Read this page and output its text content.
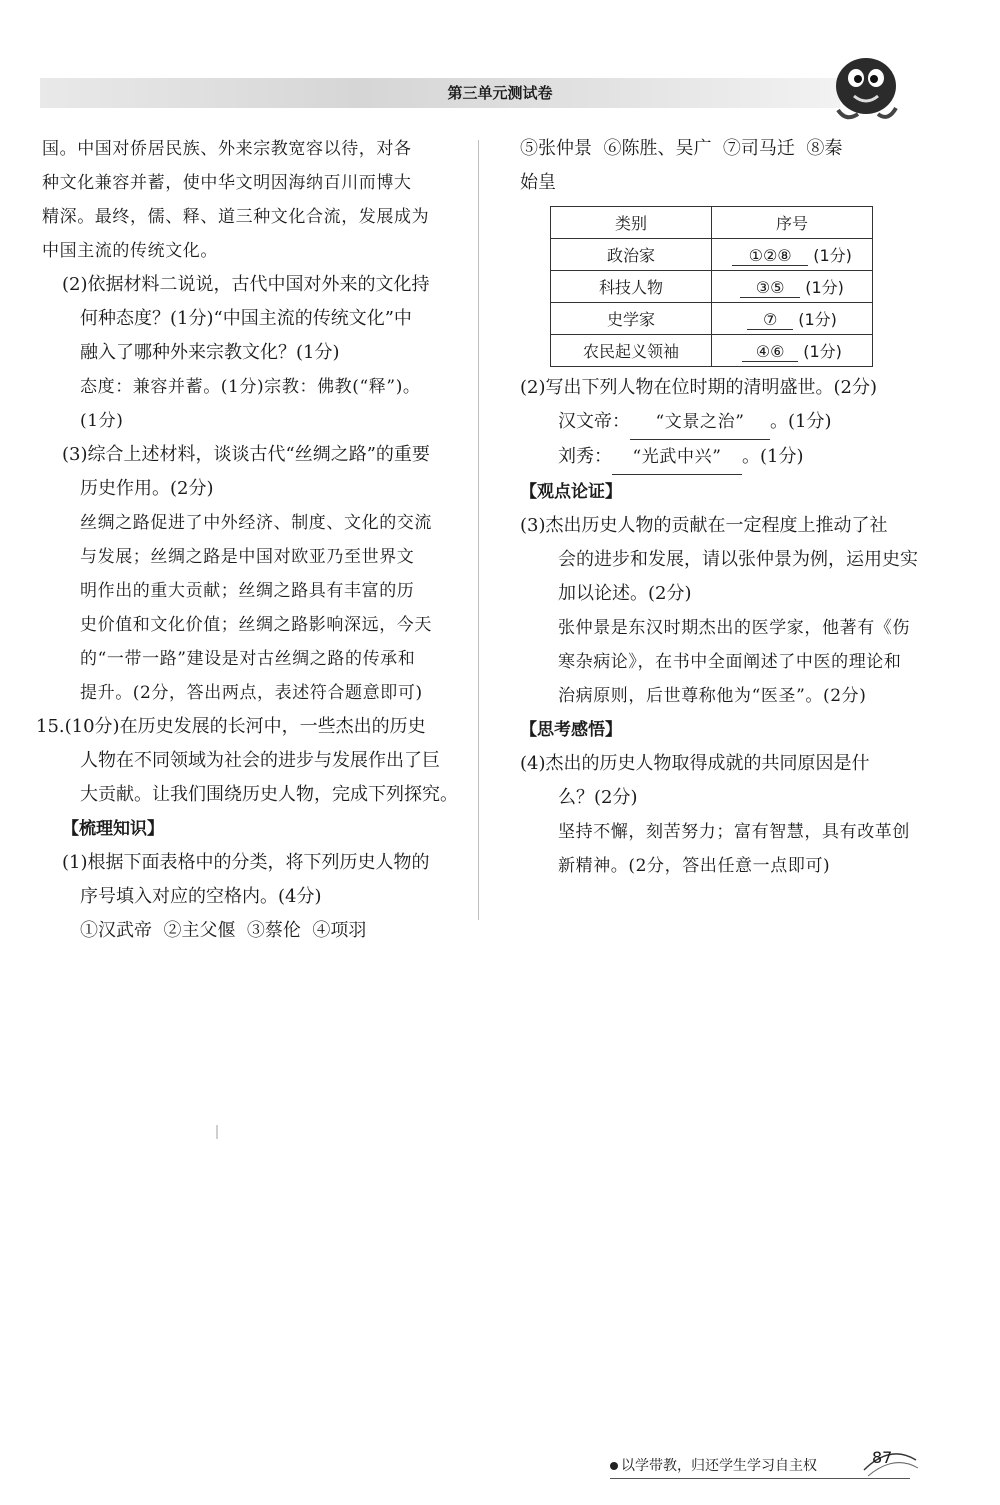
第三单元测试卷
国。中国对侨居民族、外来宗教宽容以待，对各
种文化兼容并蓄，使中华文明因海纳百川而博大
精深。最终，儒、释、道三种文化合流，发展成为
中国主流的传统文化。
(2)依据材料二说说，古代中国对外来的文化持
何种态度？(1分)“中国主流的传统文化”中
融入了哪种外来宗教文化？(1分)
态度：兼容并蓄。(1分)宗教：佛教(“释”)。
(1分)
(3)综合上述材料，谈谈古代“丝绸之路”的重要
历史作用。(2分)
丝绸之路促进了中外经济、制度、文化的交流
与发展；丝绸之路是中国对欧亚乃至世界文
明作出的重大贡献；丝绸之路具有丰富的历
史价值和文化价值；丝绸之路影响深远，今天
的“一带一路”建设是对古丝绸之路的传承和
提升。(2分，答出两点，表述符合题意即可)
15.(10分)在历史发展的长河中，一些杰出的历史
人物在不同领域为社会的进步与发展作出了巨
大贡献。让我们围绕历史人物，完成下列探究。
【梳理知识】
(1)根据下面表格中的分类，将下列历史人物的
序号填入对应的空格内。(4分)
①汉武帝  ②主父偃  ③蔡伦  ④项羽
⑤张仲景  ⑥陈胜、吴广  ⑦司马迁  ⑧秦
始皇
类别	序号
政治家	①②⑧ (1分)
科技人物	③⑤ (1分)
史学家	⑦ (1分)
农民起义领袖	④⑥ (1分)
(2)写出下列人物在位时期的清明盛世。(2分)
汉文帝： “文景之治” 。(1分)
刘秀： “光武中兴” 。(1分)
【观点论证】
(3)杰出历史人物的贡献在一定程度上推动了社
会的进步和发展，请以张仲景为例，运用史实
加以论述。(2分)
张仲景是东汉时期杰出的医学家，他著有《伤
寒杂病论》，在书中全面阐述了中医的理论和
治病原则，后世尊称他为“医圣”。(2分)
【思考感悟】
(4)杰出的历史人物取得成就的共同原因是什
么？(2分)
坚持不懈，刻苦努力；富有智慧，具有改革创
新精神。(2分，答出任意一点即可)
以学带教，归还学生学习自主权	87
